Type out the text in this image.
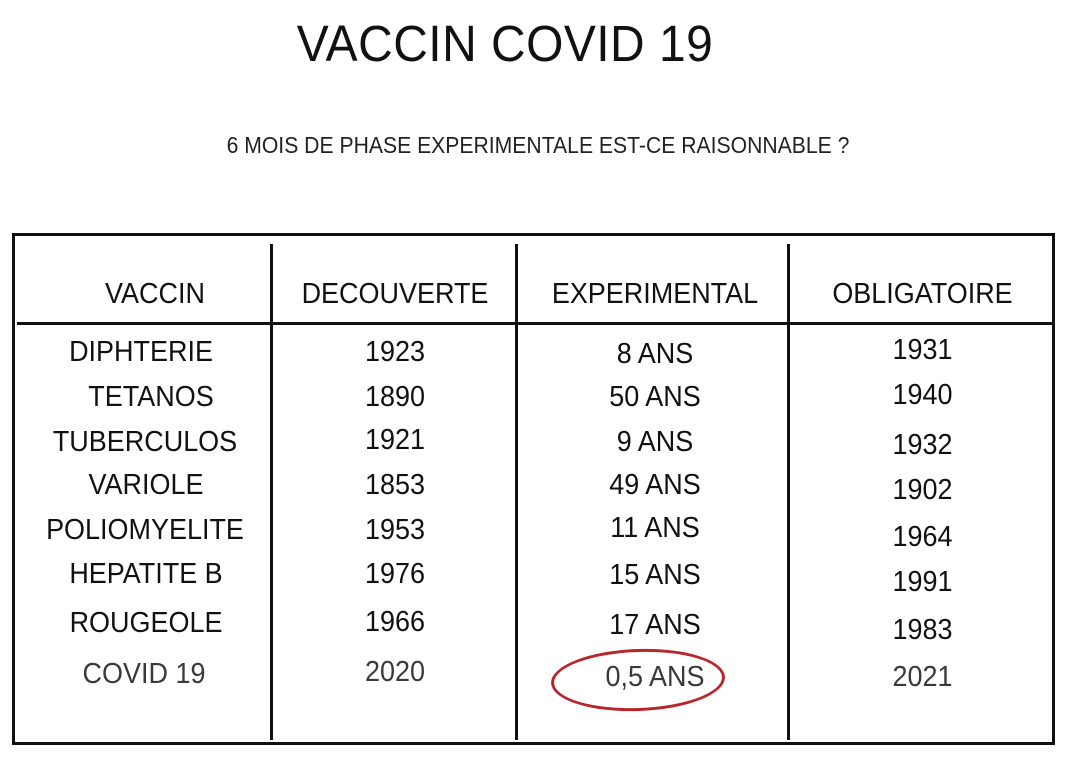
VACCIN COVID 19
6 MOIS DE PHASE EXPERIMENTALE EST-CE RAISONNABLE ?
VACCIN	DECOUVERTE	EXPERIMENTAL	OBLIGATOIRE
DIPHTERIE	1923	8 ANS	1931
TETANOS	1890	50 ANS	1940
TUBERCULOS	1921	9 ANS	1932
VARIOLE	1853	49 ANS	1902
POLIOMYELITE	1953	11 ANS	1964
HEPATITE B	1976	15 ANS	1991
ROUGEOLE	1966	17 ANS	1983
COVID 19	2020	0,5 ANS	2021
